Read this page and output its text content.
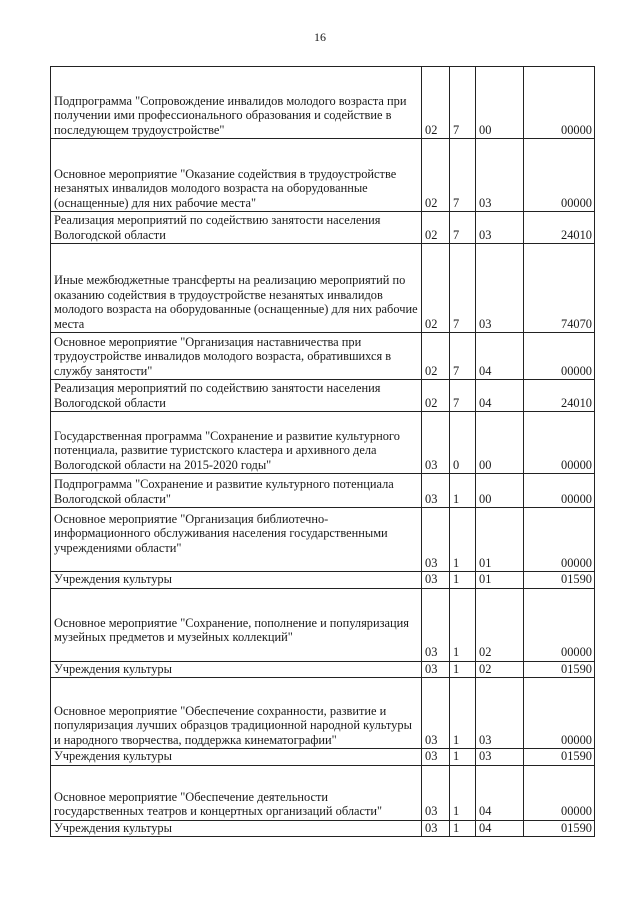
16
Подпрограмма "Сопровождение инвалидов молодого возраста при получении ими профессионального образования и содействие в последующем трудоустройстве"	02	7	00	00000
Основное мероприятие "Оказание содействия в трудоустройстве незанятых инвалидов молодого возраста на оборудованные (оснащенные) для них рабочие места"	02	7	03	00000
Реализация мероприятий по содействию занятости населения Вологодской области	02	7	03	24010
Иные межбюджетные трансферты на реализацию мероприятий по оказанию содействия в трудоустройстве незанятых инвалидов молодого возраста на оборудованные (оснащенные) для них рабочие места	02	7	03	74070
Основное мероприятие "Организация наставничества при трудоустройстве инвалидов молодого возраста, обратившихся в службу занятости"	02	7	04	00000
Реализация мероприятий по содействию занятости населения Вологодской области	02	7	04	24010
Государственная программа "Сохранение и развитие культурного потенциала, развитие туристского кластера и архивного дела Вологодской области на 2015-2020 годы"	03	0	00	00000
Подпрограмма "Сохранение и развитие культурного потенциала Вологодской области"	03	1	00	00000

Основное мероприятие "Организация библиотечно-информационного обслуживания населения государственными учреждениями области"	03	1	01	00000
Учреждения культуры	03	1	01	01590

Основное мероприятие "Сохранение, пополнение и популяризация музейных предметов и музейных коллекций"	03	1	02	00000
Учреждения культуры	03	1	02	01590
Основное мероприятие "Обеспечение сохранности, развитие и популяризация лучших образцов традиционной народной культуры и народного творчества, поддержка кинематографии"	03	1	03	00000
Учреждения культуры	03	1	03	01590
Основное мероприятие "Обеспечение деятельности государственных театров и концертных организаций области"	03	1	04	00000
Учреждения культуры	03	1	04	01590
